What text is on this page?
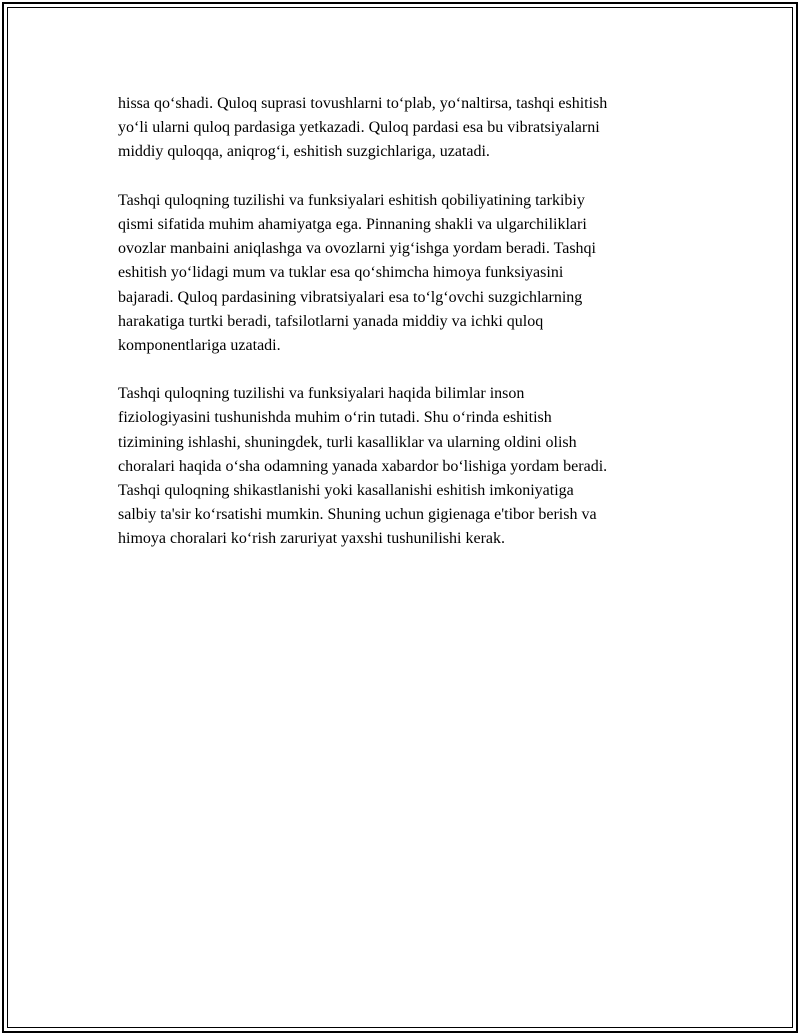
hissa qo‘shadi. Quloq suprasi tovushlarni to‘plab, yo‘naltirsa, tashqi eshitish
yo‘li ularni quloq pardasiga yetkazadi. Quloq pardasi esa bu vibratsiyalarni
middiy quloqqa, aniqrog‘i, eshitish suzgichlariga, uzatadi.

Tashqi quloqning tuzilishi va funksiyalari eshitish qobiliyatining tarkibiy
qismi sifatida muhim ahamiyatga ega. Pinnaning shakli va ulgarchiliklari
ovozlar manbaini aniqlashga va ovozlarni yig‘ishga yordam beradi. Tashqi
eshitish yo‘lidagi mum va tuklar esa qo‘shimcha himoya funksiyasini
bajaradi. Quloq pardasining vibratsiyalari esa to‘lg‘ovchi suzgichlarning
harakatiga turtki beradi, tafsilotlarni yanada middiy va ichki quloq
komponentlariga uzatadi.

Tashqi quloqning tuzilishi va funksiyalari haqida bilimlar inson
fiziologiyasini tushunishda muhim o‘rin tutadi. Shu o‘rinda eshitish
tizimining ishlashi, shuningdek, turli kasalliklar va ularning oldini olish
choralari haqida o‘sha odamning yanada xabardor bo‘lishiga yordam beradi.
Tashqi quloqning shikastlanishi yoki kasallanishi eshitish imkoniyatiga
salbiy ta'sir ko‘rsatishi mumkin. Shuning uchun gigienaga e'tibor berish va
himoya choralari ko‘rish zaruriyat yaxshi tushunilishi kerak.
